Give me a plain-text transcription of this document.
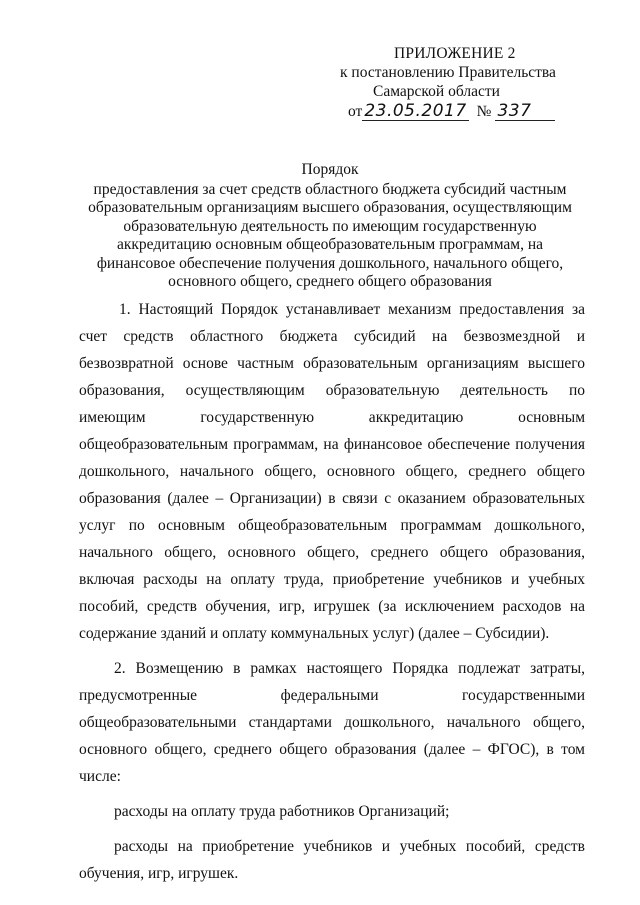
ПРИЛОЖЕНИЕ 2
к постановлению Правительства
Самарской области
от 23.05.2017 № 337
Порядок
предоставления за счет средств областного бюджета субсидий частным
образовательным организациям высшего образования, осуществляющим
образовательную деятельность по имеющим государственную
аккредитацию основным общеобразовательным программам, на
финансовое обеспечение получения дошкольного, начального общего,
основного общего, среднего общего образования

1. Настоящий Порядок устанавливает механизм предоставления за счет средств областного бюджета субсидий на безвозмездной и безвозвратной основе частным образовательным организациям высшего образования, осуществляющим образовательную деятельность по имеющим государственную аккредитацию основным общеобразовательным программам, на финансовое обеспечение получения дошкольного, начального общего, основного общего, среднего общего образования (далее – Организации) в связи с оказанием образовательных услуг по основным общеобразовательным программам дошкольного, начального общего, основного общего, среднего общего образования, включая расходы на оплату труда, приобретение учебников и учебных пособий, средств обучения, игр, игрушек (за исключением расходов на содержание зданий и оплату коммунальных услуг) (далее – Субсидии).

2. Возмещению в рамках настоящего Порядка подлежат затраты, предусмотренные федеральными государственными общеобразовательными стандартами дошкольного, начального общего, основного общего, среднего общего образования (далее – ФГОС), в том числе:

расходы на оплату труда работников Организаций;

расходы на приобретение учебников и учебных пособий, средств обучения, игр, игрушек.
